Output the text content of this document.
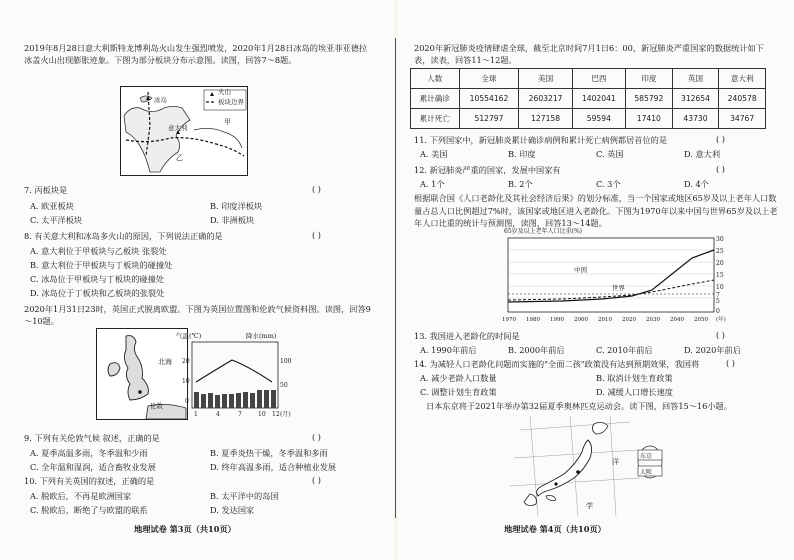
2019年8月28日意大利斯特龙博利岛火山发生强烈喷发，2020年1月28日冰岛的埃亚菲亚德拉冰盖火山出现膨胀迹象。下图为部分板块分布示意图。读图，回答7～8题。
火山
板块边界
冰岛
甲
意大利
乙
7. 丙板块是	( )
A. 欧亚板块	B. 印度洋板块
C. 太平洋板块	D. 非洲板块
8. 有关意大利和冰岛多火山的原因，下列说法正确的是	( )
A. 意大利位于甲板块与乙板块 张裂处
B. 意大利位于甲板块与丁板块的碰撞处
C. 冰岛位于甲板块与丁板块的碰撞处
D. 冰岛位于丁板块和乙板块的张裂处
2020年1月31日23时，英国正式脱离欧盟。下图为英国位置图和伦敦气候资料图。读图，回答9～10题。
北海
伦敦
气温(℃)	降水(mm)
20
10
0
100
50
1	4	7	10 12 (月)
9. 下列有关伦敦气候 叙述，正确的是	( )
A. 夏季高温多雨，冬季温和少雨	B. 夏季炎热干燥，冬季温和多雨
C. 全年温和湿润，适合畜牧业发展	D. 终年高温多雨，适合种植业发展
10. 下列有关英国的叙述，正确的是	( )
A. 脱欧后，不再是欧洲国家	B. 太平洋中的岛国
C. 脱欧后，断绝了与欧盟的联系	D. 发达国家
地理试卷 第3页（共10页）
2020年新冠肺炎疫情肆虐全球，截至北京时间7月1日6：00，新冠肺炎严重国家的数据统计如下表，读表，回答11～12题。
人数	全球	美国	巴西	印度	英国	意大利
累计确诊	10554162	2603217	1402041	585792	312654	240578
累计死亡	512797	127158	59594	17410	43730	34767
11. 下列国家中，新冠肺炎累计确诊病例和累计死亡病例都居首位的是	( )
A. 美国	B. 印度	C. 英国	D. 意大利
12. 新冠肺炎严重的国家，发展中国家有	( )
A. 1个	B. 2个	C. 3个	D. 4个
根据联合国《人口老龄化及其社会经济后果》的划分标准，当一个国家或地区65岁及以上老年人口数量占总人口比例超过7%时，该国家或地区进入老龄化。下图为1970年以来中国与世界65岁及以上老年人口比重的统计与预测图，读图，回答13～14题。
65岁及以上老年人口比重(%)
中国
世界
30
25
20
15
10
7
5
0
1970 1980 1990 2000 2010 2020 2030 2040 2050 (年)
13. 我国进入老龄化的时间是	( )
A. 1990年前后	B. 2000年前后	C. 2010年前后	D. 2020年前后
14. 为减轻人口老龄化问题而实施的"全面二孩"政策没有达到预期效果，我国将	( )
A. 减少老龄人口数量	B. 取消计划生育政策
C. 调整计划生育政策	D. 减缓人口增长速度
日本东京将于2021年举办第32届夏季奥林匹克运动会。读下图，回答15～16小题。
洋
学
东京
大阪
地理试卷 第4页（共10页）
